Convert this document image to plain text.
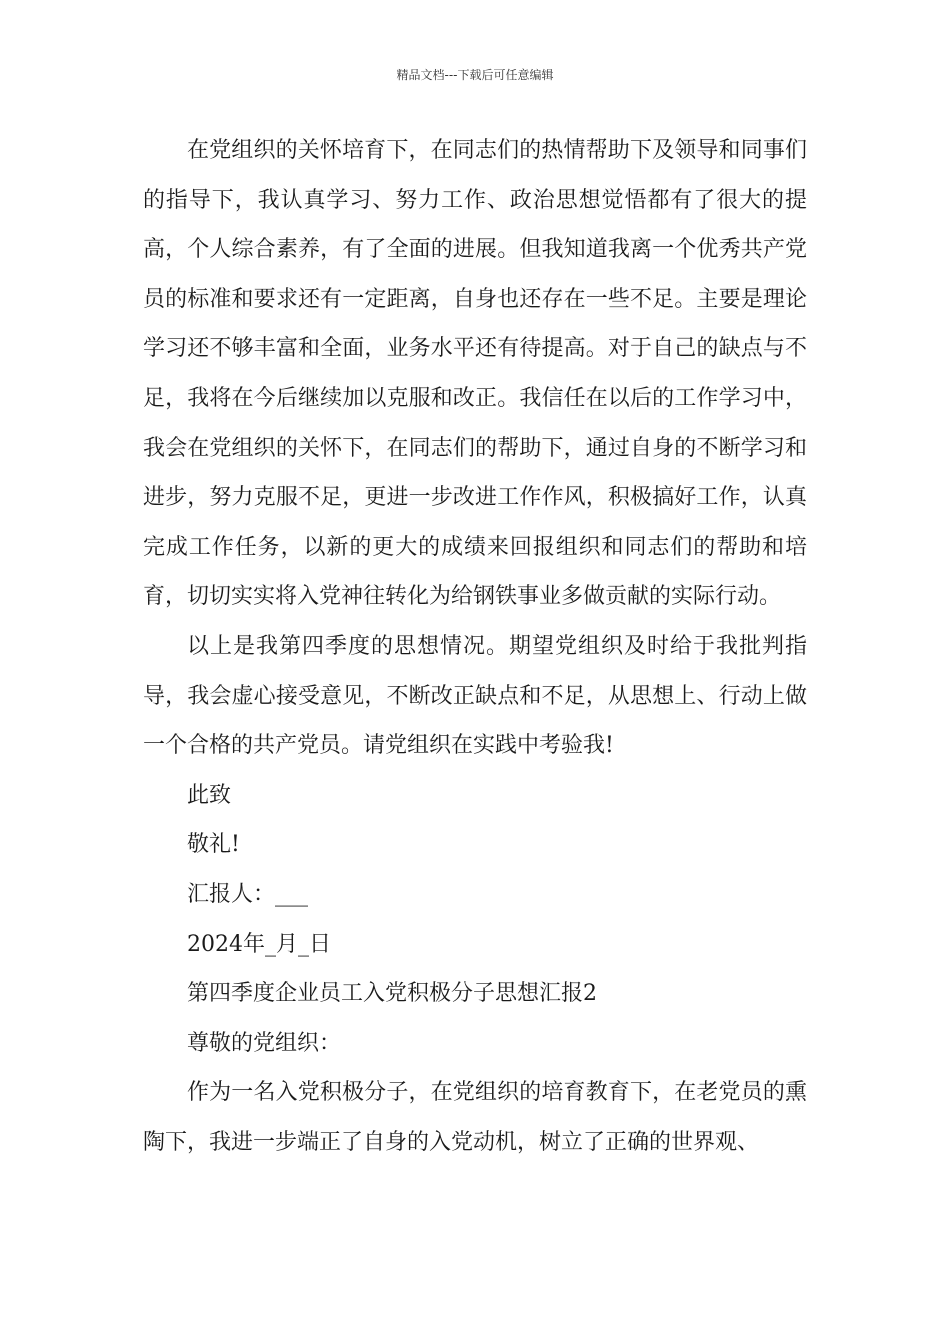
精品文档---下载后可任意编辑

在党组织的关怀培育下，在同志们的热情帮助下及领导和同事们的指导下，我认真学习、努力工作、政治思想觉悟都有了很大的提高，个人综合素养，有了全面的进展。但我知道我离一个优秀共产党员的标准和要求还有一定距离，自身也还存在一些不足。主要是理论学习还不够丰富和全面，业务水平还有待提高。对于自己的缺点与不足，我将在今后继续加以克服和改正。我信任在以后的工作学习中，我会在党组织的关怀下，在同志们的帮助下，通过自身的不断学习和进步，努力克服不足，更进一步改进工作作风，积极搞好工作，认真完成工作任务，以新的更大的成绩来回报组织和同志们的帮助和培育，切切实实将入党神往转化为给钢铁事业多做贡献的实际行动。

以上是我第四季度的思想情况。期望党组织及时给于我批判指导，我会虚心接受意见，不断改正缺点和不足，从思想上、行动上做一个合格的共产党员。请党组织在实践中考验我!

此致

敬礼!

汇报人：___

2024年_月_日

第四季度企业员工入党积极分子思想汇报2

尊敬的党组织：

作为一名入党积极分子，在党组织的培育教育下，在老党员的熏陶下，我进一步端正了自身的入党动机，树立了正确的世界观、
